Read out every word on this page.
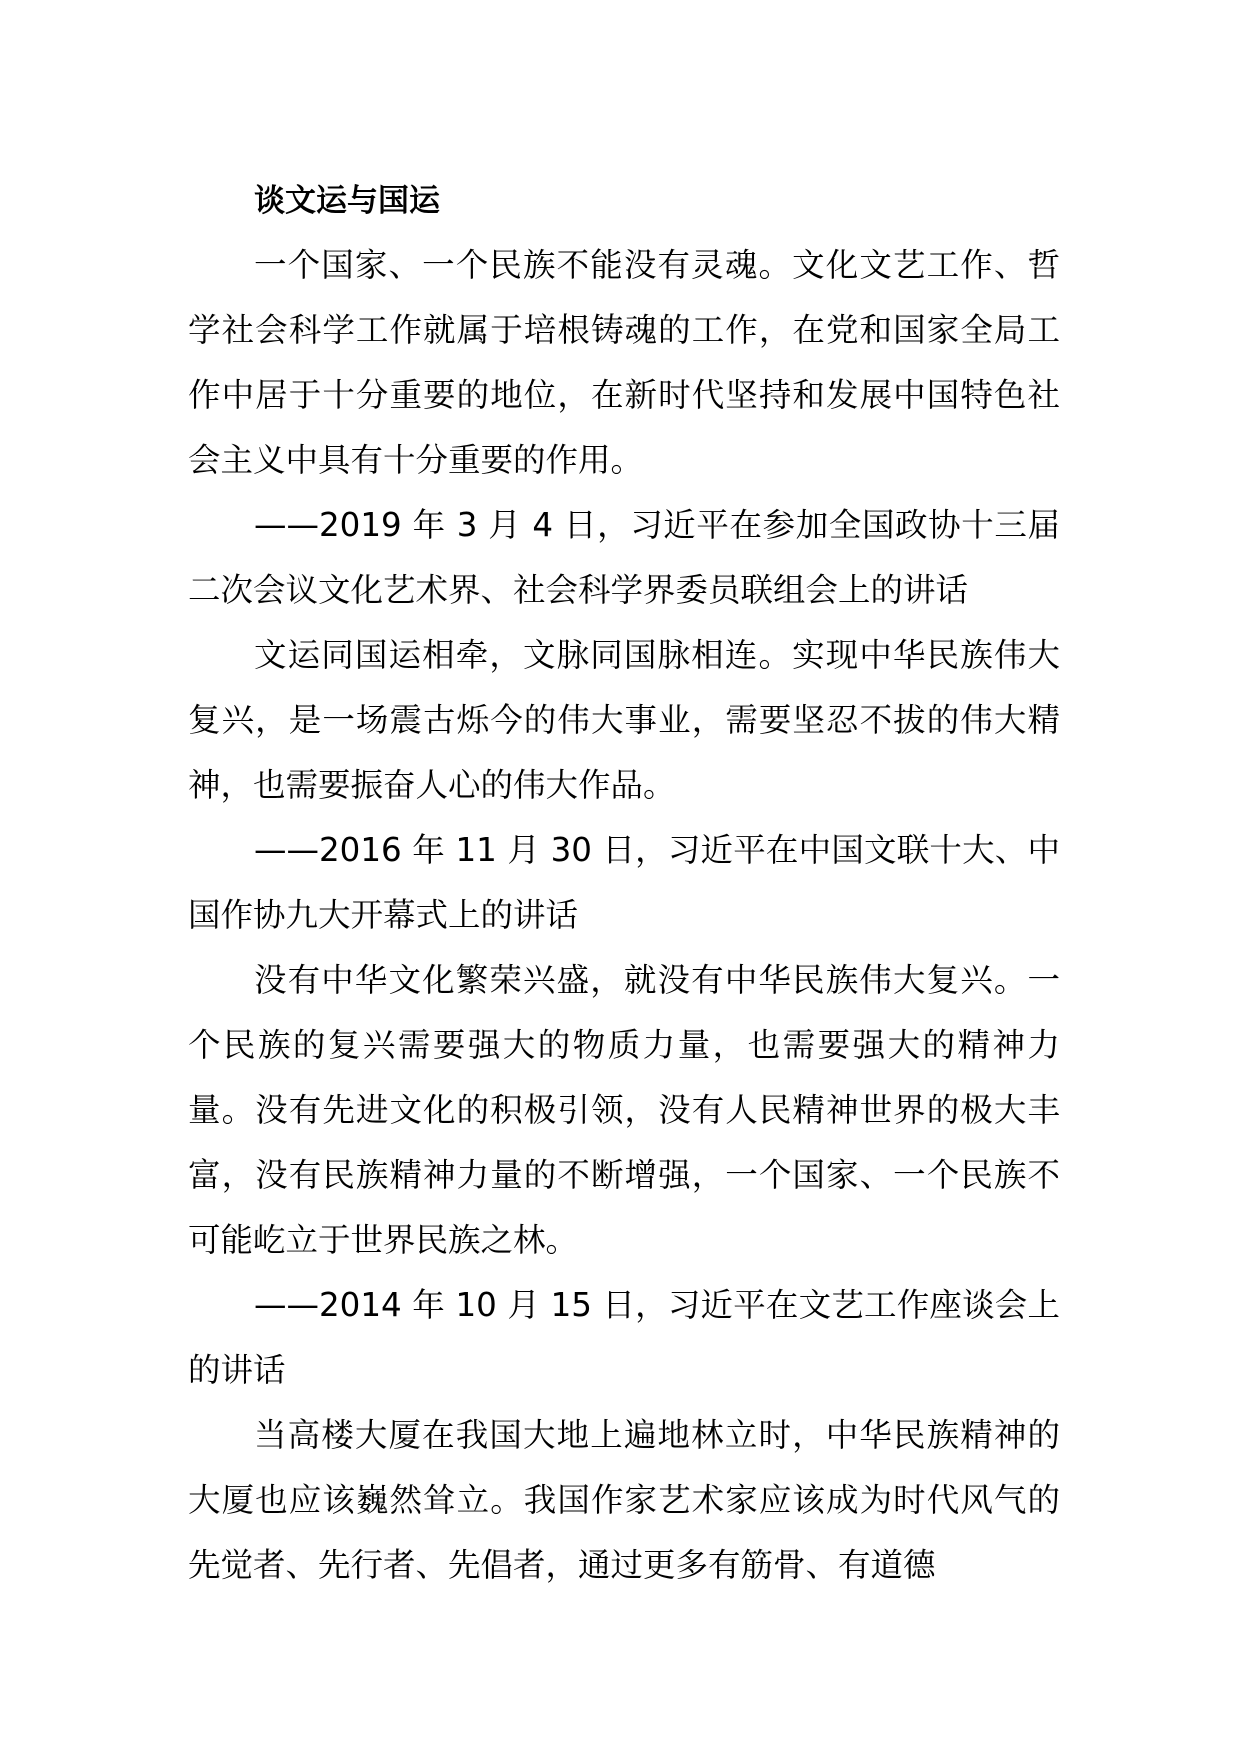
谈文运与国运

一个国家、一个民族不能没有灵魂。文化文艺工作、哲学社会科学工作就属于培根铸魂的工作，在党和国家全局工作中居于十分重要的地位，在新时代坚持和发展中国特色社会主义中具有十分重要的作用。

——2019 年 3 月 4 日，习近平在参加全国政协十三届二次会议文化艺术界、社会科学界委员联组会上的讲话

文运同国运相牵，文脉同国脉相连。实现中华民族伟大复兴，是一场震古烁今的伟大事业，需要坚忍不拔的伟大精神，也需要振奋人心的伟大作品。

——2016 年 11 月 30 日，习近平在中国文联十大、中国作协九大开幕式上的讲话

没有中华文化繁荣兴盛，就没有中华民族伟大复兴。一个民族的复兴需要强大的物质力量，也需要强大的精神力量。没有先进文化的积极引领，没有人民精神世界的极大丰富，没有民族精神力量的不断增强，一个国家、一个民族不可能屹立于世界民族之林。

——2014 年 10 月 15 日，习近平在文艺工作座谈会上的讲话

当高楼大厦在我国大地上遍地林立时，中华民族精神的大厦也应该巍然耸立。我国作家艺术家应该成为时代风气的先觉者、先行者、先倡者，通过更多有筋骨、有道德
